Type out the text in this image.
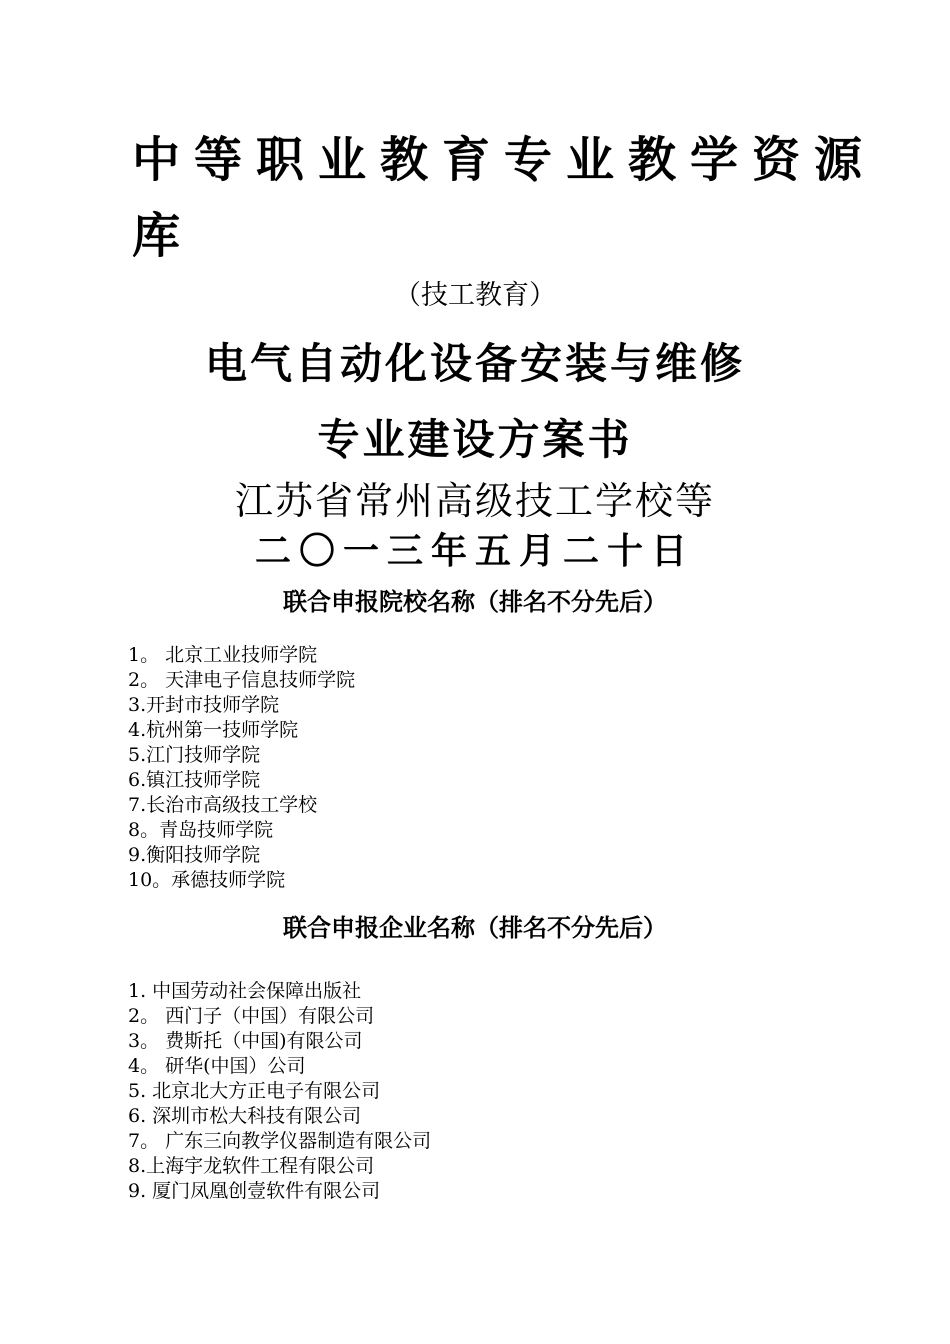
中等职业教育专业教学资源
库

（技工教育）

电气自动化设备安装与维修
专业建设方案书

江苏省常州高级技工学校等

二〇一三年五月二十日

联合申报院校名称（排名不分先后）
1。 北京工业技师学院
2。 天津电子信息技师学院
3.开封市技师学院
4.杭州第一技师学院
5.江门技师学院
6.镇江技师学院
7.长治市高级技工学校
8。青岛技师学院
9.衡阳技师学院
10。承德技师学院
联合申报企业名称（排名不分先后）
1. 中国劳动社会保障出版社
2。 西门子（中国）有限公司
3。 费斯托（中国)有限公司
4。 研华(中国）公司
5. 北京北大方正电子有限公司
6. 深圳市松大科技有限公司
7。 广东三向教学仪器制造有限公司
8.上海宇龙软件工程有限公司
9. 厦门凤凰创壹软件有限公司
